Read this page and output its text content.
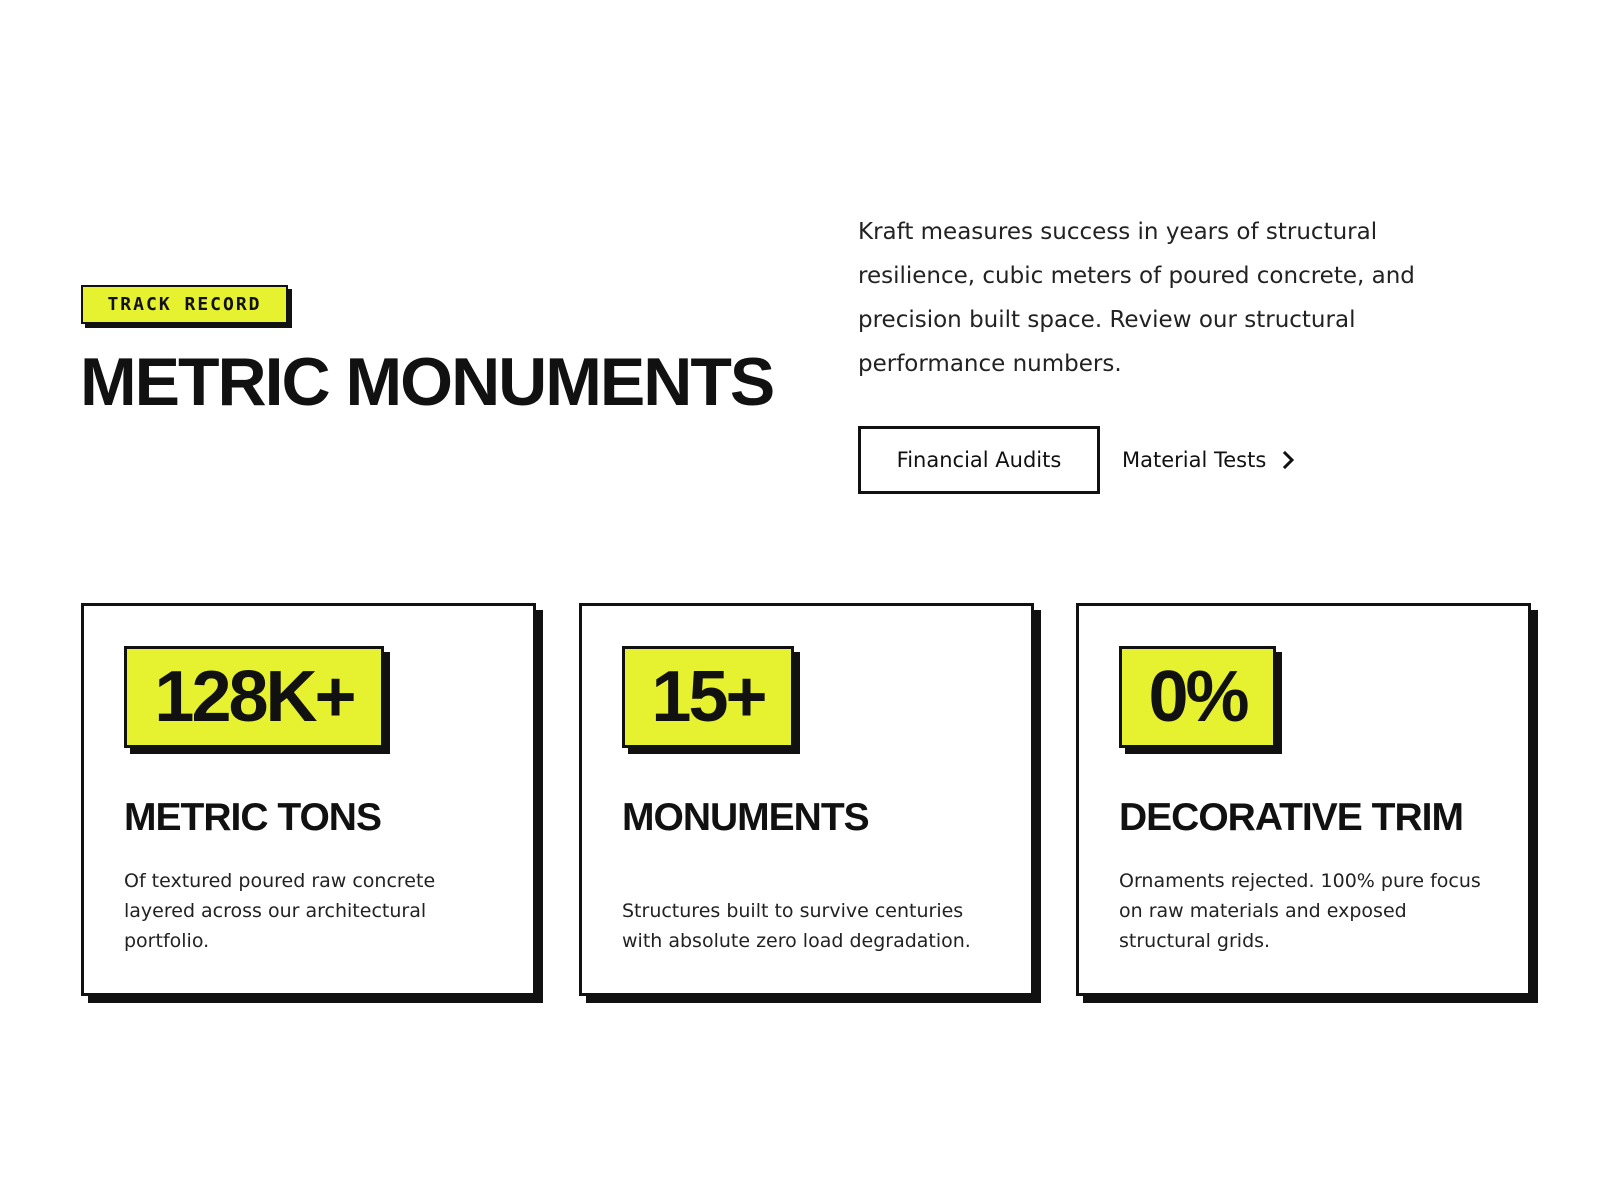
TRACK RECORD
METRIC MONUMENTS

Kraft measures success in years of structural resilience, cubic meters of poured concrete, and precision built space. Review our structural performance numbers.

Financial Audits	Material Tests
128K+
METRIC TONS

Of textured poured raw concrete layered across our architectural portfolio.

15+
MONUMENTS

Structures built to survive centuries with absolute zero load degradation.

0%
DECORATIVE TRIM

Ornaments rejected. 100% pure focus on raw materials and exposed structural grids.
